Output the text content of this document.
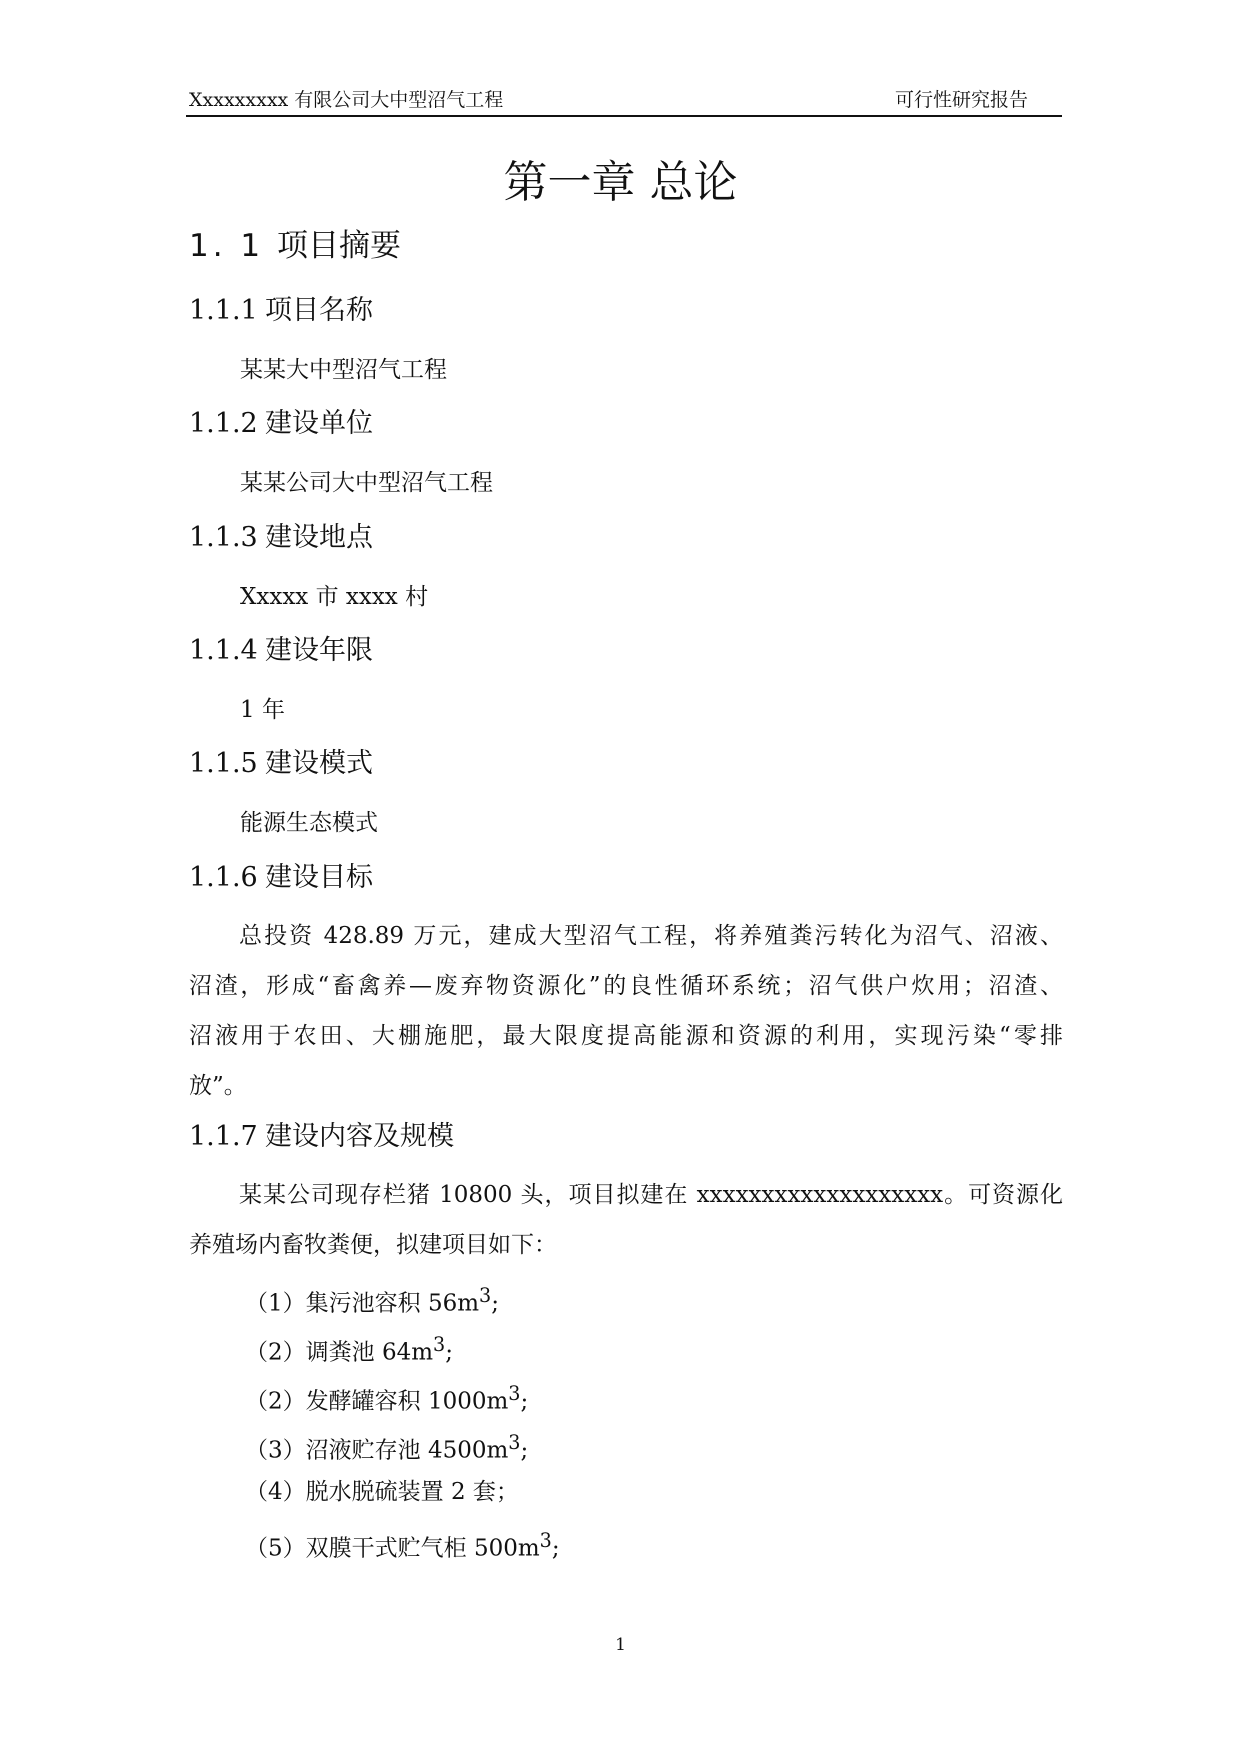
Xxxxxxxxx 有限公司大中型沼气工程	可行性研究报告
第一章 总论
1. 1 项目摘要
1.1.1 项目名称

某某大中型沼气工程

1.1.2 建设单位

某某公司大中型沼气工程

1.1.3 建设地点

Xxxxx 市 xxxx 村

1.1.4 建设年限

1 年

1.1.5 建设模式

能源生态模式

1.1.6 建设目标
总投资 428.89 万元，建成大型沼气工程，将养殖粪污转化为沼气、沼液、
沼渣，形成“畜禽养—废弃物资源化”的良性循环系统；沼气供户炊用；沼渣、
沼液用于农田、大棚施肥，最大限度提高能源和资源的利用，实现污染“零排
放”。
1.1.7 建设内容及规模
某某公司现存栏猪 10800 头，项目拟建在 xxxxxxxxxxxxxxxxxxx。可资源化
养殖场内畜牧粪便，拟建项目如下：

（1）集污池容积 $56m^3$;

（2）调粪池 $64m^3$;

（2）发酵罐容积 $1000m^3$;

（3）沼液贮存池 $4500m^3$;

（4）脱水脱硫装置 2 套；

（5）双膜干式贮气柜 $500m^3$;

1
